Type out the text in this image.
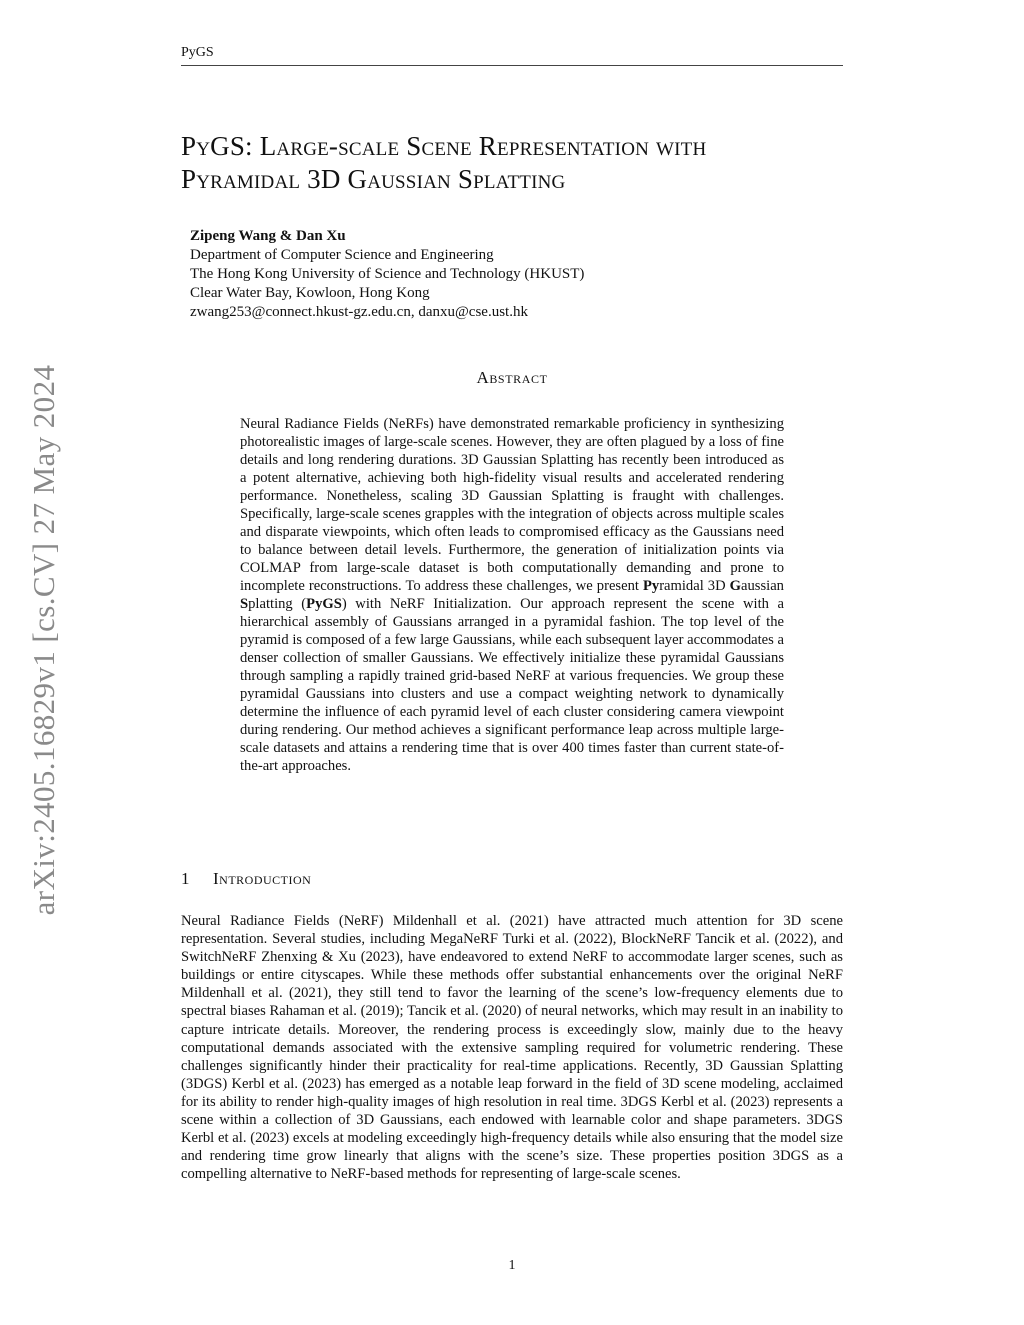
PyGS
arXiv:2405.16829v1 [cs.CV] 27 May 2024
PyGS: Large-scale Scene Representation with
Pyramidal 3D Gaussian Splatting
Zipeng Wang & Dan Xu
Department of Computer Science and Engineering
The Hong Kong University of Science and Technology (HKUST)
Clear Water Bay, Kowloon, Hong Kong
zwang253@connect.hkust-gz.edu.cn, danxu@cse.ust.hk
Abstract

Neural Radiance Fields (NeRFs) have demonstrated remarkable proficiency in synthesizing photorealistic images of large-scale scenes. However, they are often plagued by a loss of fine details and long rendering durations. 3D Gaussian Splatting has recently been introduced as a potent alternative, achieving both high-fidelity visual results and accelerated rendering performance. Nonetheless, scaling 3D Gaussian Splatting is fraught with challenges. Specifically, large-scale scenes grapples with the integration of objects across multiple scales and disparate viewpoints, which often leads to compromised efficacy as the Gaussians need to balance between detail levels. Furthermore, the generation of initialization points via COLMAP from large-scale dataset is both computationally demanding and prone to incomplete reconstructions. To address these challenges, we present Pyramidal 3D Gaussian Splatting (PyGS) with NeRF Initialization. Our approach represent the scene with a hierarchical assembly of Gaussians arranged in a pyramidal fashion. The top level of the pyramid is composed of a few large Gaussians, while each subsequent layer accommodates a denser collection of smaller Gaussians. We effectively initialize these pyramidal Gaussians through sampling a rapidly trained grid-based NeRF at various frequencies. We group these pyramidal Gaussians into clusters and use a compact weighting network to dynamically determine the influence of each pyramid level of each cluster considering camera viewpoint during rendering. Our method achieves a significant performance leap across multiple large-scale datasets and attains a rendering time that is over 400 times faster than current state-of-the-art approaches.

1 Introduction

Neural Radiance Fields (NeRF) Mildenhall et al. (2021) have attracted much attention for 3D scene representation. Several studies, including MegaNeRF Turki et al. (2022), BlockNeRF Tancik et al. (2022), and SwitchNeRF Zhenxing & Xu (2023), have endeavored to extend NeRF to accommodate larger scenes, such as buildings or entire cityscapes. While these methods offer substantial enhancements over the original NeRF Mildenhall et al. (2021), they still tend to favor the learning of the scene’s low-frequency elements due to spectral biases Rahaman et al. (2019); Tancik et al. (2020) of neural networks, which may result in an inability to capture intricate details. Moreover, the rendering process is exceedingly slow, mainly due to the heavy computational demands associated with the extensive sampling required for volumetric rendering. These challenges significantly hinder their practicality for real-time applications. Recently, 3D Gaussian Splatting (3DGS) Kerbl et al. (2023) has emerged as a notable leap forward in the field of 3D scene modeling, acclaimed for its ability to render high-quality images of high resolution in real time. 3DGS Kerbl et al. (2023) represents a scene within a collection of 3D Gaussians, each endowed with learnable color and shape parameters. 3DGS Kerbl et al. (2023) excels at modeling exceedingly high-frequency details while also ensuring that the model size and rendering time grow linearly that aligns with the scene’s size. These properties position 3DGS as a compelling alternative to NeRF-based methods for representing of large-scale scenes.

1
